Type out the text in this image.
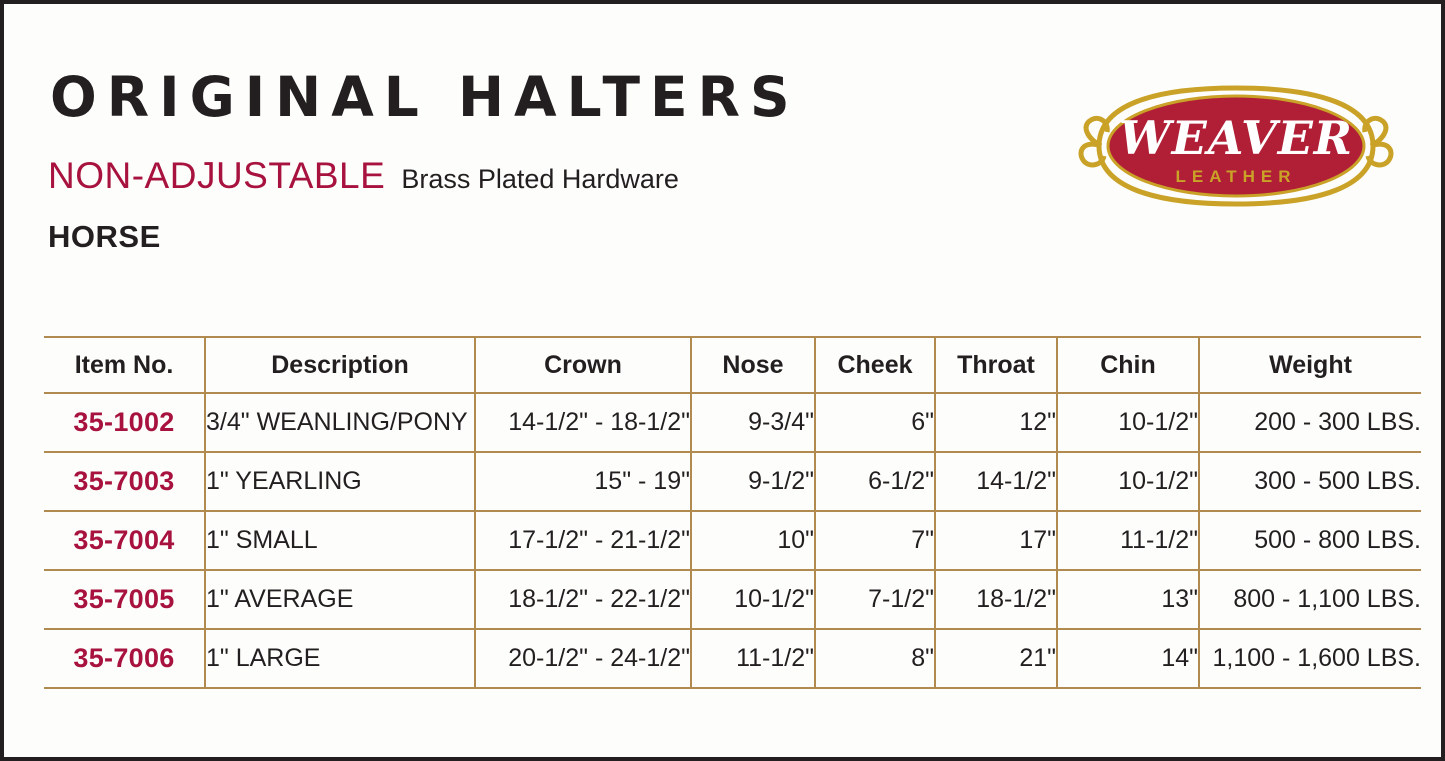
ORIGINAL HALTERS
NON-ADJUSTABLE Brass Plated Hardware
HORSE
WEAVER
LEATHER
Item No.	Description	Crown	Nose	Cheek	Throat	Chin	Weight
35-1002	3/4" WEANLING/PONY	14-1/2" - 18-1/2"	9-3/4"	6"	12"	10-1/2"	200 - 300 LBS.
35-7003	1" YEARLING	15" - 19"	9-1/2"	6-1/2"	14-1/2"	10-1/2"	300 - 500 LBS.
35-7004	1" SMALL	17-1/2" - 21-1/2"	10"	7"	17"	11-1/2"	500 - 800 LBS.
35-7005	1" AVERAGE	18-1/2" - 22-1/2"	10-1/2"	7-1/2"	18-1/2"	13"	800 - 1,100 LBS.
35-7006	1" LARGE	20-1/2" - 24-1/2"	11-1/2"	8"	21"	14"	1,100 - 1,600 LBS.
